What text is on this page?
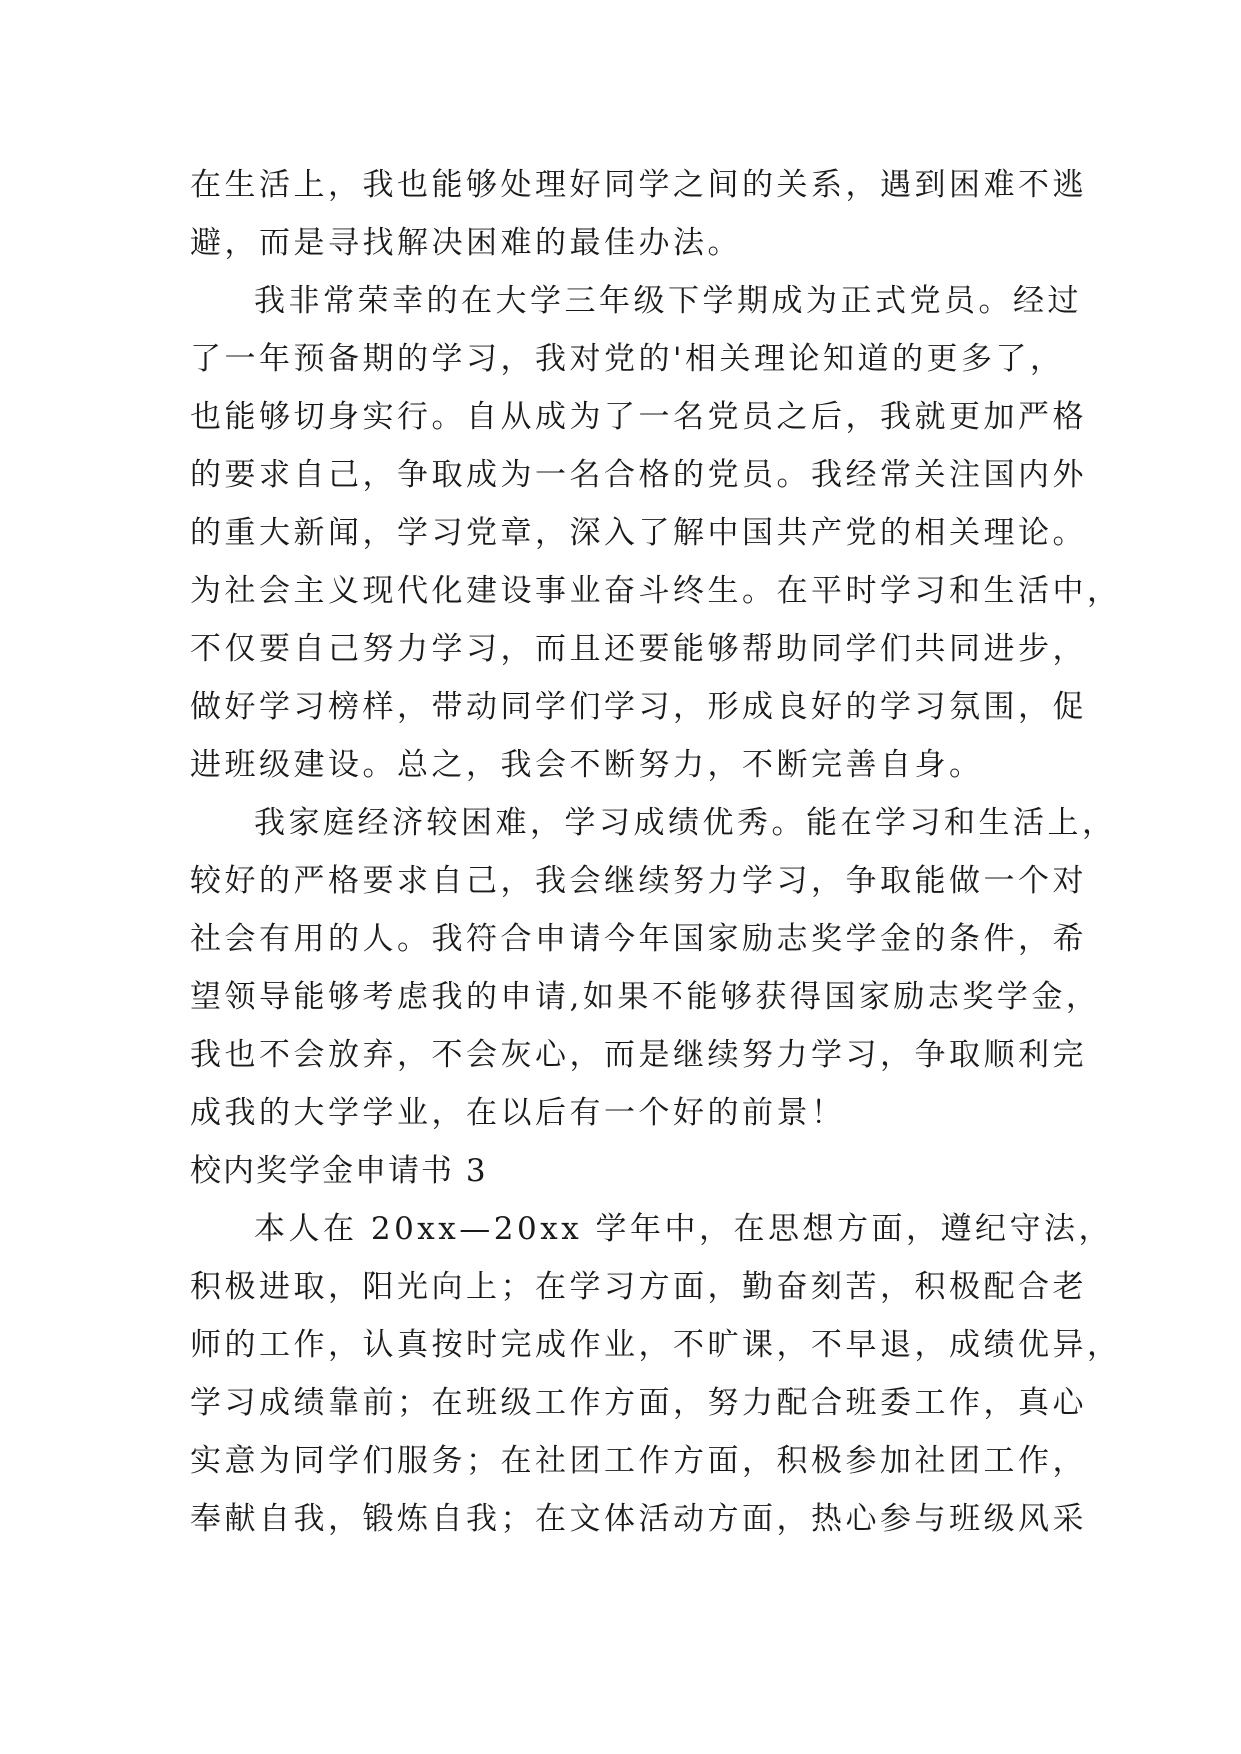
在生活上，我也能够处理好同学之间的关系，遇到困难不逃
避，而是寻找解决困难的最佳办法。
我非常荣幸的在大学三年级下学期成为正式党员。经过
了一年预备期的学习，我对党的'相关理论知道的更多了，
也能够切身实行。自从成为了一名党员之后，我就更加严格
的要求自己，争取成为一名合格的党员。我经常关注国内外
的重大新闻，学习党章，深入了解中国共产党的相关理论。
为社会主义现代化建设事业奋斗终生。在平时学习和生活中，
不仅要自己努力学习，而且还要能够帮助同学们共同进步，
做好学习榜样，带动同学们学习，形成良好的学习氛围，促
进班级建设。总之，我会不断努力，不断完善自身。
我家庭经济较困难，学习成绩优秀。能在学习和生活上，
较好的严格要求自己，我会继续努力学习，争取能做一个对
社会有用的人。我符合申请今年国家励志奖学金的条件，希
望领导能够考虑我的申请,如果不能够获得国家励志奖学金，
我也不会放弃，不会灰心，而是继续努力学习，争取顺利完
成我的大学学业，在以后有一个好的前景！
校内奖学金申请书 3
本人在 20xx—20xx 学年中，在思想方面，遵纪守法，
积极进取，阳光向上；在学习方面，勤奋刻苦，积极配合老
师的工作，认真按时完成作业，不旷课，不早退，成绩优异，
学习成绩靠前；在班级工作方面，努力配合班委工作，真心
实意为同学们服务；在社团工作方面，积极参加社团工作，
奉献自我，锻炼自我；在文体活动方面，热心参与班级风采
